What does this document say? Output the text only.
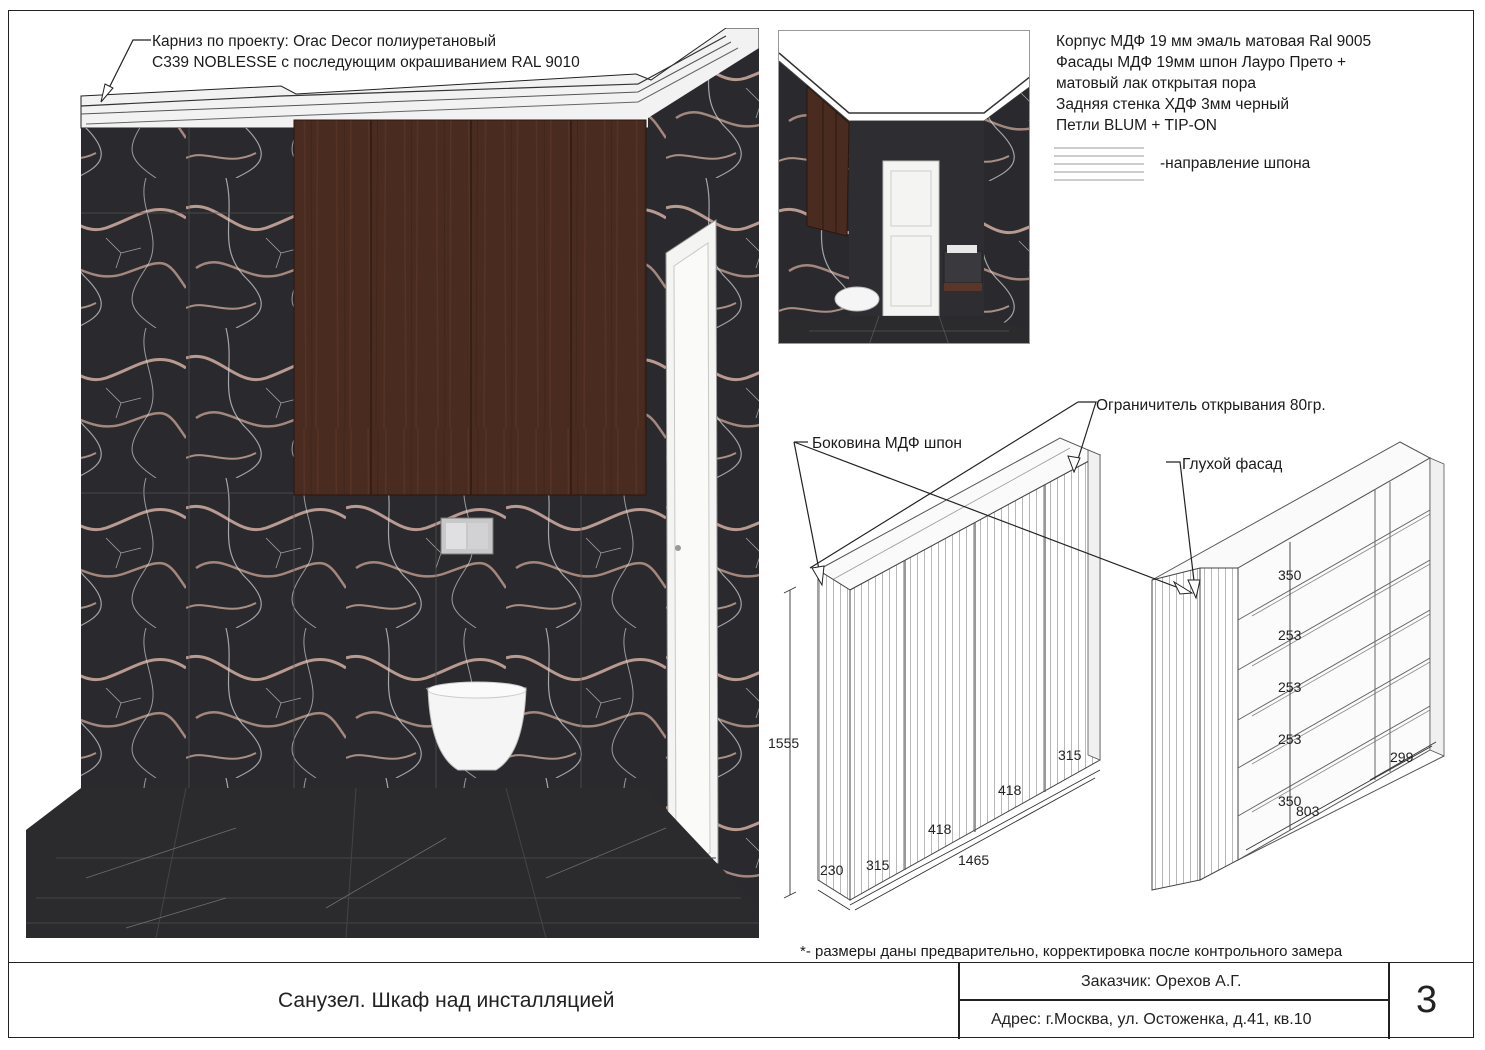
Карниз по проекту: Orac Decor полиуретановый
C339 NOBLESSE с последующим окрашиванием RAL 9010
Корпус МДФ 19 мм эмаль матовая Ral 9005
Фасады МДФ 19мм шпон Лауро Прето +
матовый лак открытая пора
Задняя стенка ХДФ 3мм черный
Петли BLUM + TIP-ON
-направление шпона
1555
230 315
418
418
315
1465
350
253
253
253
350
803
299
Боковина МДФ шпон
Ограничитель открывания 80гр.
Глухой фасад
*- размеры даны предварительно, корректировка после контрольного замера
Санузел. Шкаф над инсталляцией
Заказчик: Орехов А.Г.
Адрес: г.Москва, ул. Остоженка, д.41, кв.10	3
